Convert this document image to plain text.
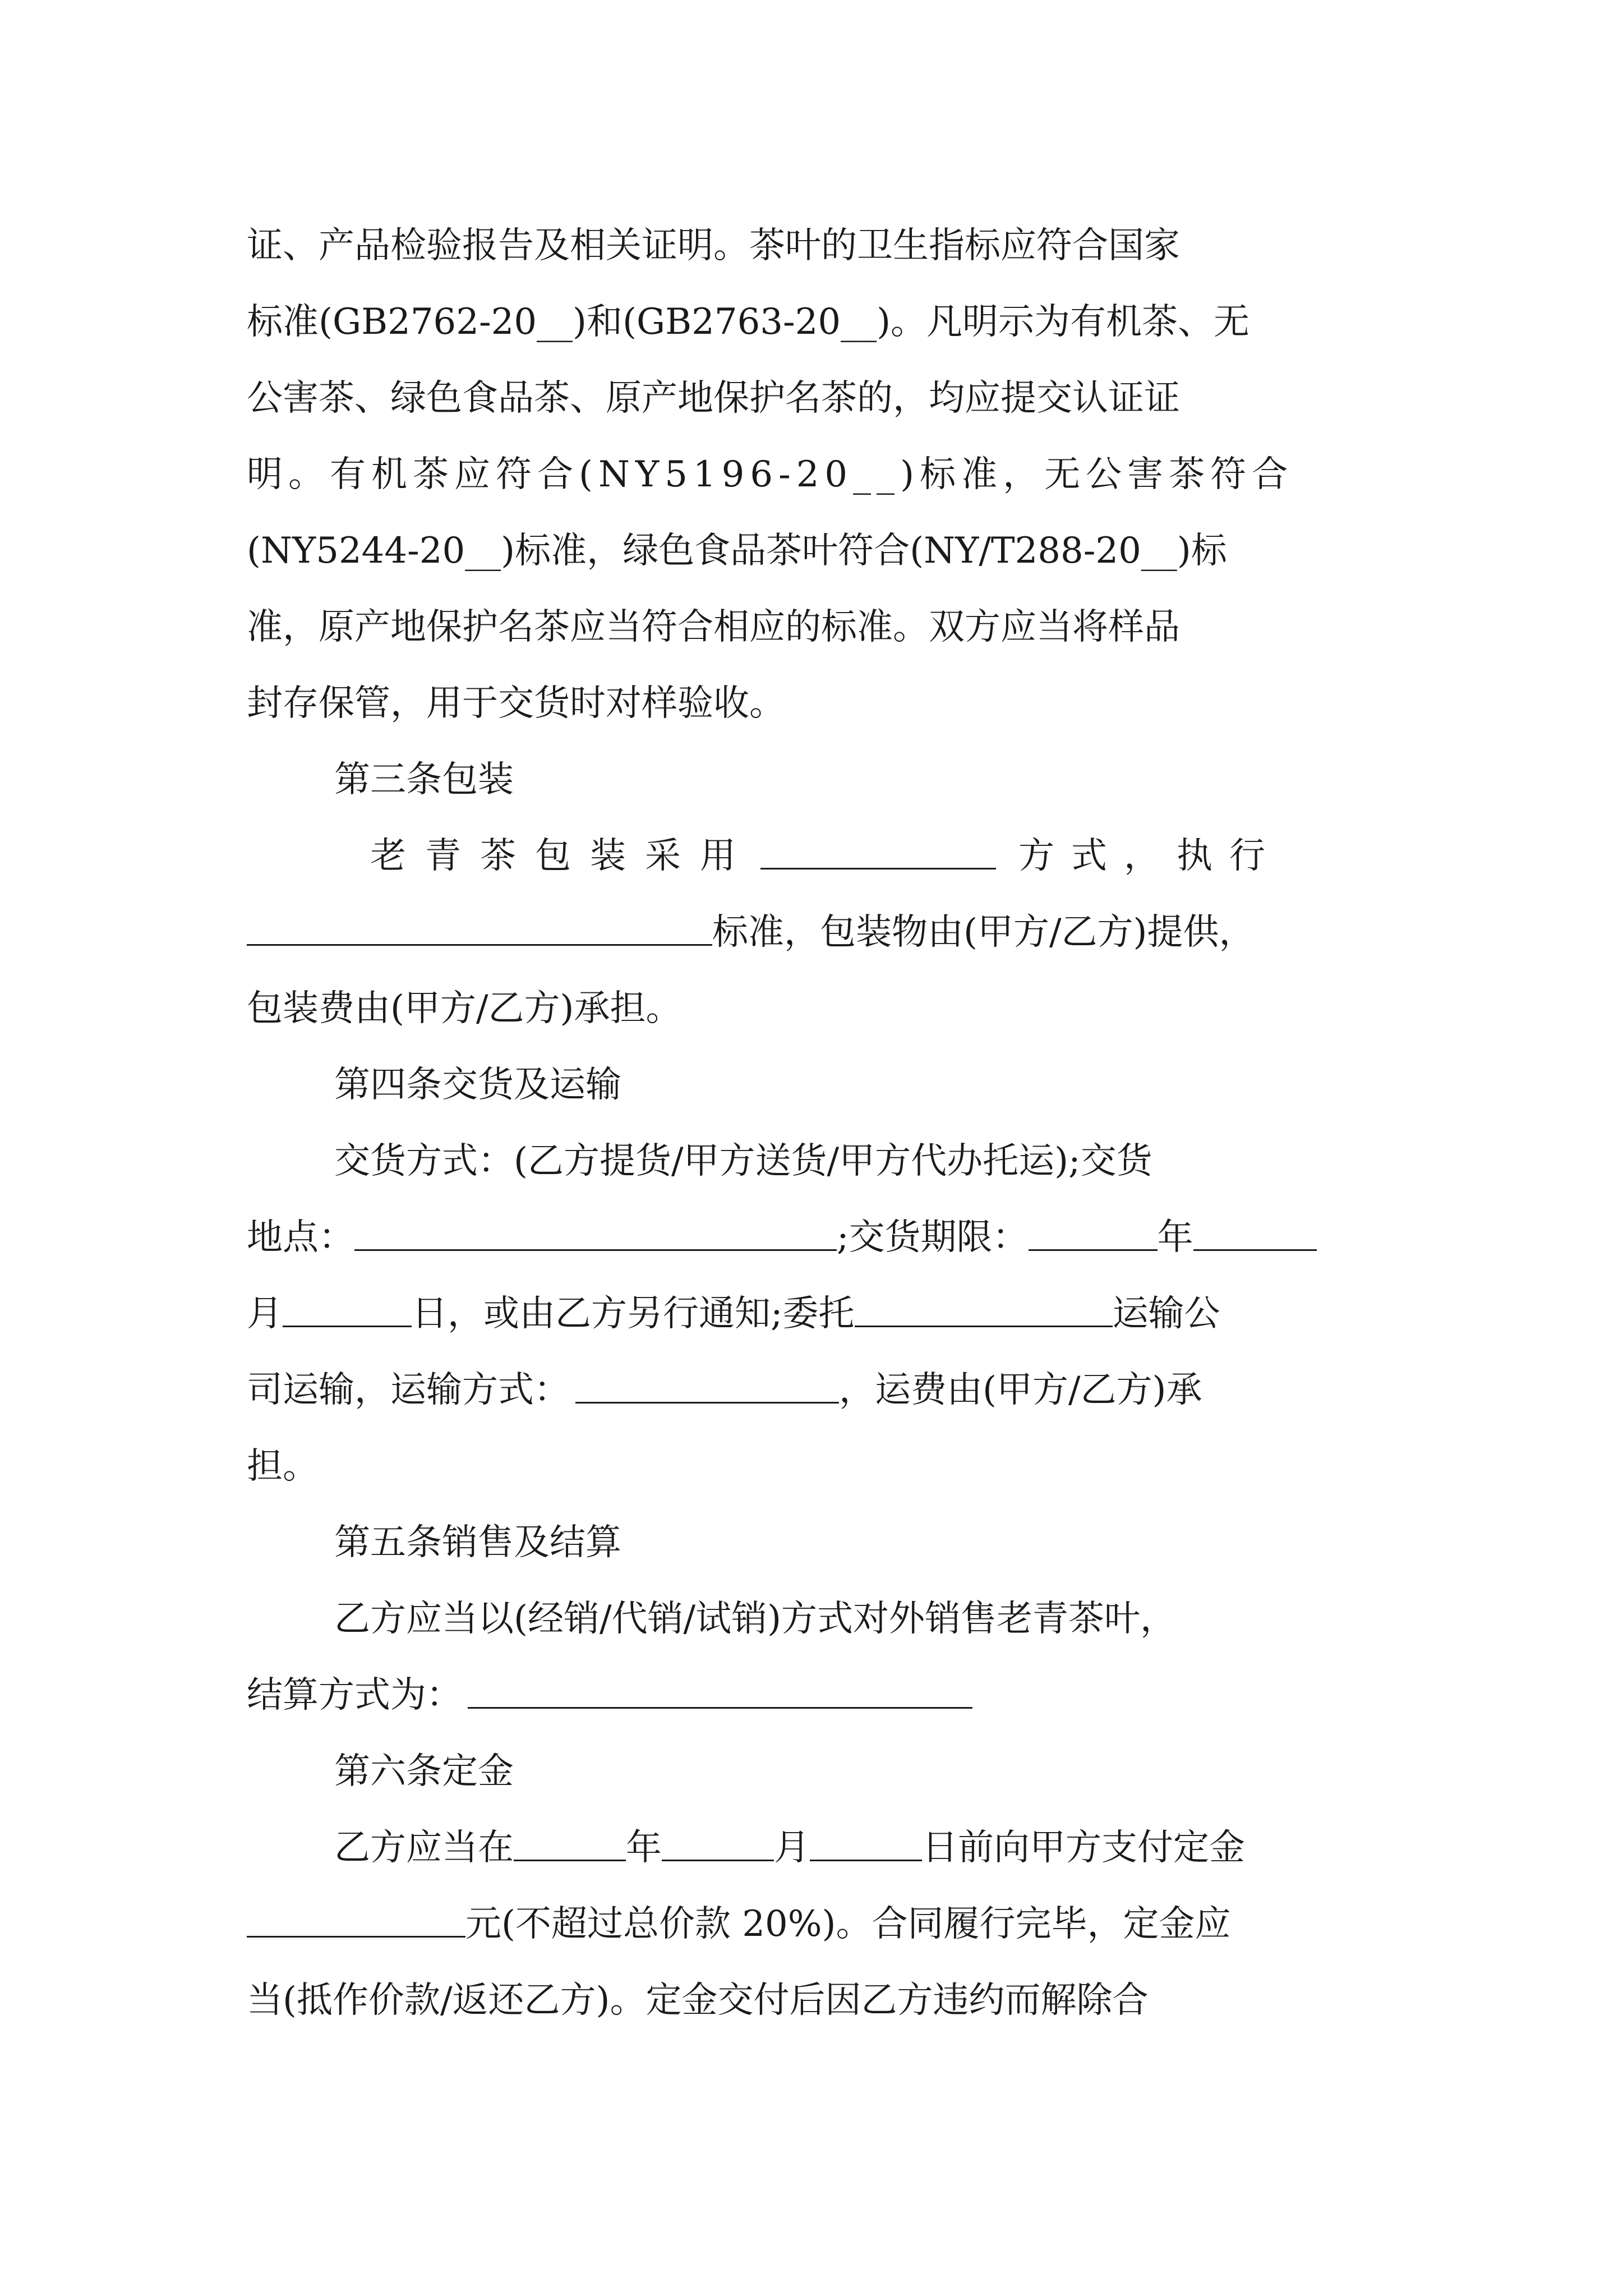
证、产品检验报告及相关证明。茶叶的卫生指标应符合国家
标准(GB2762-20__)和(GB2763-20__)。凡明示为有机茶、无
公害茶、绿色食品茶、原产地保护名茶的，均应提交认证证
明。有机茶应符合(NY5196-20__)标准，无公害茶符合
(NY5244-20__)标准，绿色食品茶叶符合(NY/T288-20__)标
准，原产地保护名茶应当符合相应的标准。双方应当将样品
封存保管，用于交货时对样验收。
第三条包装
老青茶包装采用	方式，执行
标准，包装物由(甲方/乙方)提供，
包装费由(甲方/乙方)承担。
第四条交货及运输
交货方式：(乙方提货/甲方送货/甲方代办托运);交货
地点：	;交货期限：	年
月	日，或由乙方另行通知;委托	运输公
司运输，运输方式：	，运费由(甲方/乙方)承
担。
第五条销售及结算
乙方应当以(经销/代销/试销)方式对外销售老青茶叶，
结算方式为：
第六条定金
乙方应当在	年	月	日前向甲方支付定金
元(不超过总价款 20%)。合同履行完毕，定金应
当(抵作价款/返还乙方)。定金交付后因乙方违约而解除合
